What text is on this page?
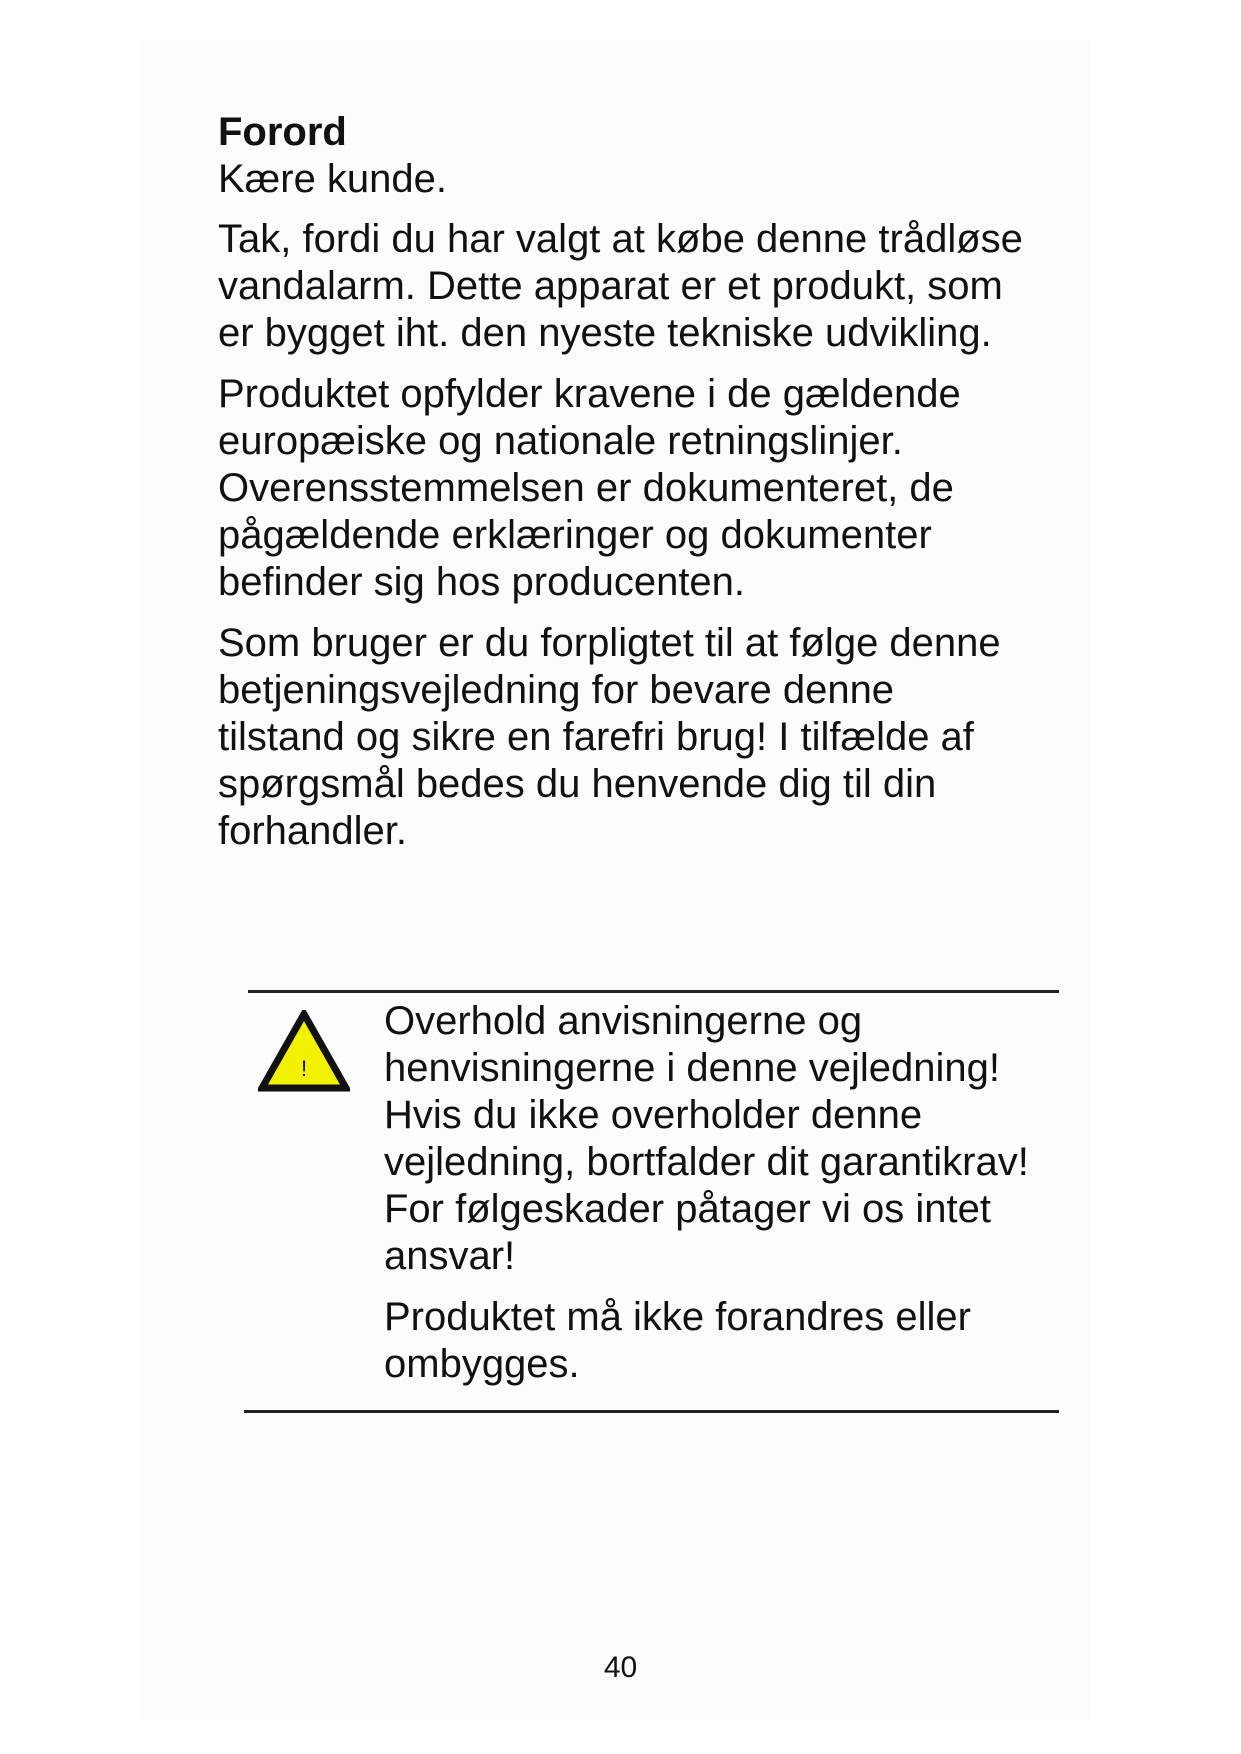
Forord

Kære kunde.

Tak, fordi du har valgt at købe denne trådløse vandalarm. Dette apparat er et produkt, som er bygget iht. den nyeste tekniske udvikling.

Produktet opfylder kravene i de gældende europæiske og nationale retningslinjer. Overensstemmelsen er dokumenteret, de pågældende erklæringer og dokumenter befinder sig hos producenten.

Som bruger er du forpligtet til at følge denne betjeningsvejledning for bevare denne tilstand og sikre en farefri brug! I tilfælde af spørgsmål bedes du henvende dig til din forhandler.

!

Overhold anvisningerne og henvisningerne i denne vejledning! Hvis du ikke overholder denne vejledning, bortfalder dit garantikrav! For følgeskader påtager vi os intet ansvar!

Produktet må ikke forandres eller ombygges.

40
